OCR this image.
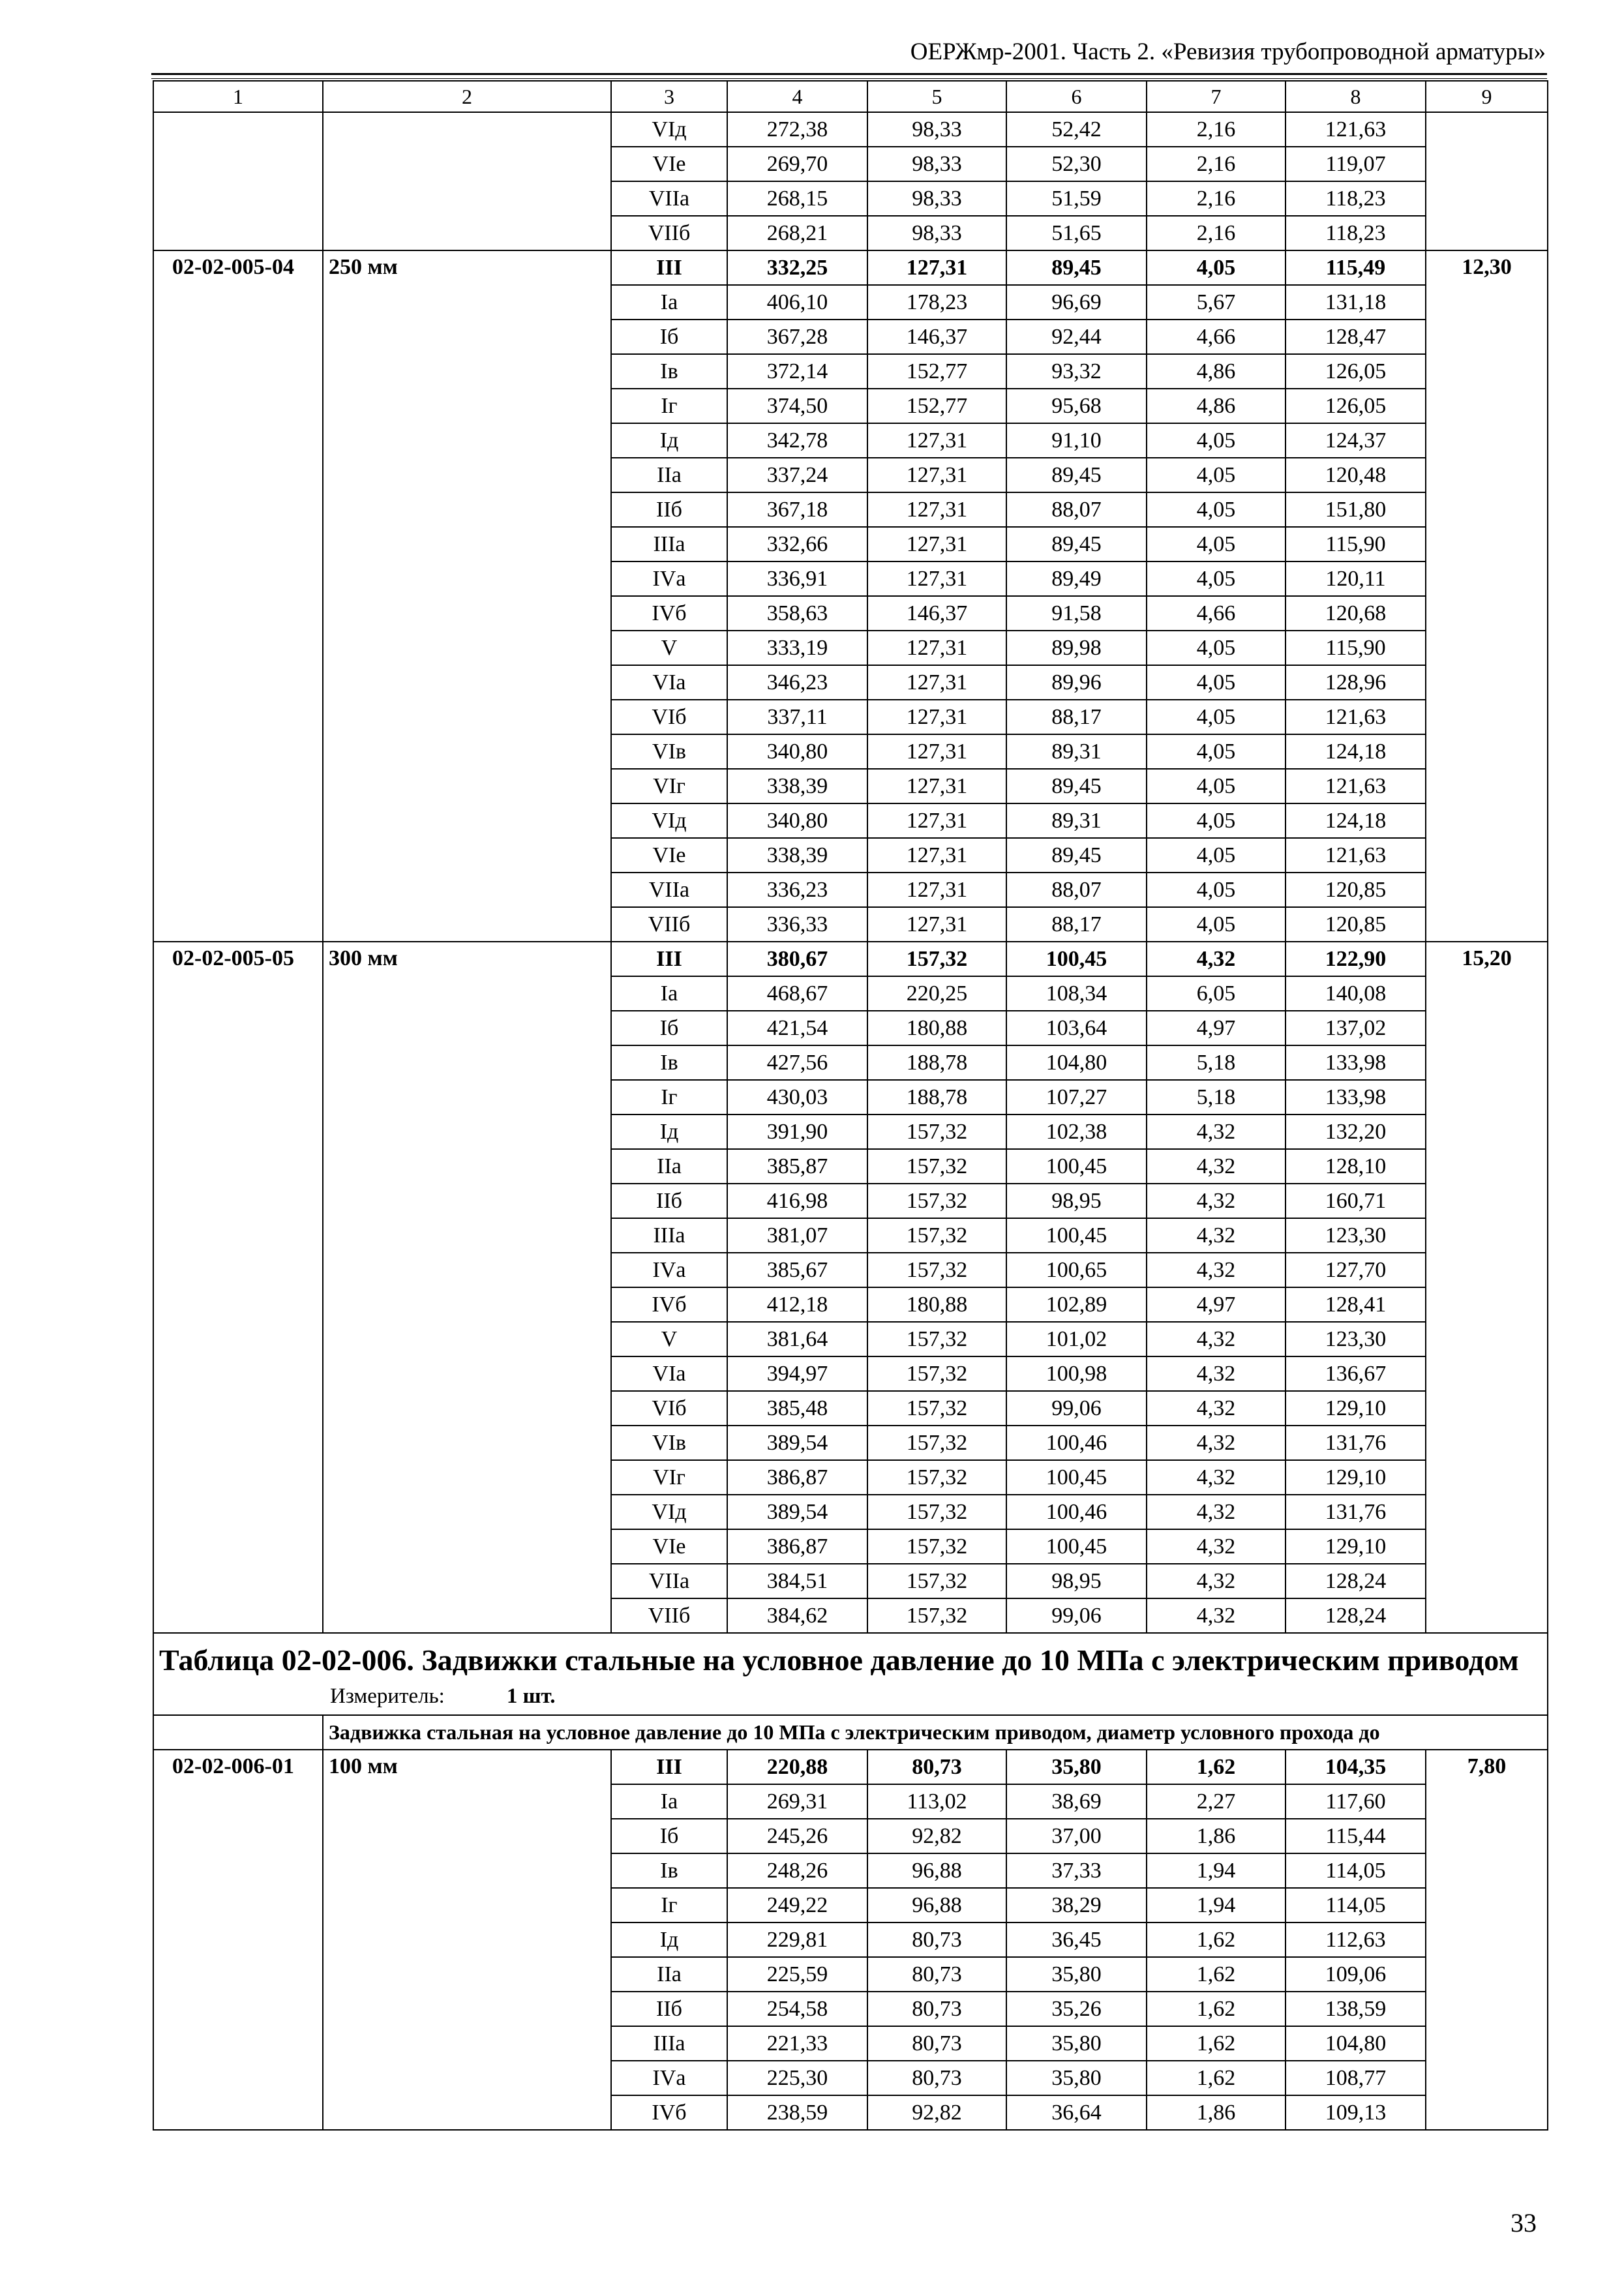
ОЕРЖмр-2001. Часть 2. «Ревизия трубопроводной арматуры»
1	2	3	4	5	6	7	8	9
		VIд	272,38	98,33	52,42	2,16	121,63	
		VIе	269,70	98,33	52,30	2,16	119,07	
		VIIа	268,15	98,33	51,59	2,16	118,23	
		VIIб	268,21	98,33	51,65	2,16	118,23	
02-02-005-04	250 мм	III	332,25	127,31	89,45	4,05	115,49	12,30
		Iа	406,10	178,23	96,69	5,67	131,18	
		Iб	367,28	146,37	92,44	4,66	128,47	
		Iв	372,14	152,77	93,32	4,86	126,05	
		Iг	374,50	152,77	95,68	4,86	126,05	
		Iд	342,78	127,31	91,10	4,05	124,37	
		IIа	337,24	127,31	89,45	4,05	120,48	
		IIб	367,18	127,31	88,07	4,05	151,80	
		IIIа	332,66	127,31	89,45	4,05	115,90	
		IVа	336,91	127,31	89,49	4,05	120,11	
		IVб	358,63	146,37	91,58	4,66	120,68	
		V	333,19	127,31	89,98	4,05	115,90	
		VIа	346,23	127,31	89,96	4,05	128,96	
		VIб	337,11	127,31	88,17	4,05	121,63	
		VIв	340,80	127,31	89,31	4,05	124,18	
		VIг	338,39	127,31	89,45	4,05	121,63	
		VIд	340,80	127,31	89,31	4,05	124,18	
		VIе	338,39	127,31	89,45	4,05	121,63	
		VIIа	336,23	127,31	88,07	4,05	120,85	
		VIIб	336,33	127,31	88,17	4,05	120,85	
02-02-005-05	300 мм	III	380,67	157,32	100,45	4,32	122,90	15,20
		Iа	468,67	220,25	108,34	6,05	140,08	
		Iб	421,54	180,88	103,64	4,97	137,02	
		Iв	427,56	188,78	104,80	5,18	133,98	
		Iг	430,03	188,78	107,27	5,18	133,98	
		Iд	391,90	157,32	102,38	4,32	132,20	
		IIа	385,87	157,32	100,45	4,32	128,10	
		IIб	416,98	157,32	98,95	4,32	160,71	
		IIIа	381,07	157,32	100,45	4,32	123,30	
		IVа	385,67	157,32	100,65	4,32	127,70	
		IVб	412,18	180,88	102,89	4,97	128,41	
		V	381,64	157,32	101,02	4,32	123,30	
		VIа	394,97	157,32	100,98	4,32	136,67	
		VIб	385,48	157,32	99,06	4,32	129,10	
		VIв	389,54	157,32	100,46	4,32	131,76	
		VIг	386,87	157,32	100,45	4,32	129,10	
		VIд	389,54	157,32	100,46	4,32	131,76	
		VIе	386,87	157,32	100,45	4,32	129,10	
		VIIа	384,51	157,32	98,95	4,32	128,24	
		VIIб	384,62	157,32	99,06	4,32	128,24	

Таблица 02-02-006. Задвижки стальные на условное давление до 10 МПа с электрическим приводом
Измеритель: 1 шт.								

	Задвижка стальная на условное давление до 10 МПа с электрическим приводом, диаметр условного прохода до							
02-02-006-01	100 мм	III	220,88	80,73	35,80	1,62	104,35	7,80
		Iа	269,31	113,02	38,69	2,27	117,60	
		Iб	245,26	92,82	37,00	1,86	115,44	
		Iв	248,26	96,88	37,33	1,94	114,05	
		Iг	249,22	96,88	38,29	1,94	114,05	
		Iд	229,81	80,73	36,45	1,62	112,63	
		IIа	225,59	80,73	35,80	1,62	109,06	
		IIб	254,58	80,73	35,26	1,62	138,59	
		IIIа	221,33	80,73	35,80	1,62	104,80	
		IVа	225,30	80,73	35,80	1,62	108,77	
		IVб	238,59	92,82	36,64	1,86	109,13	
33
